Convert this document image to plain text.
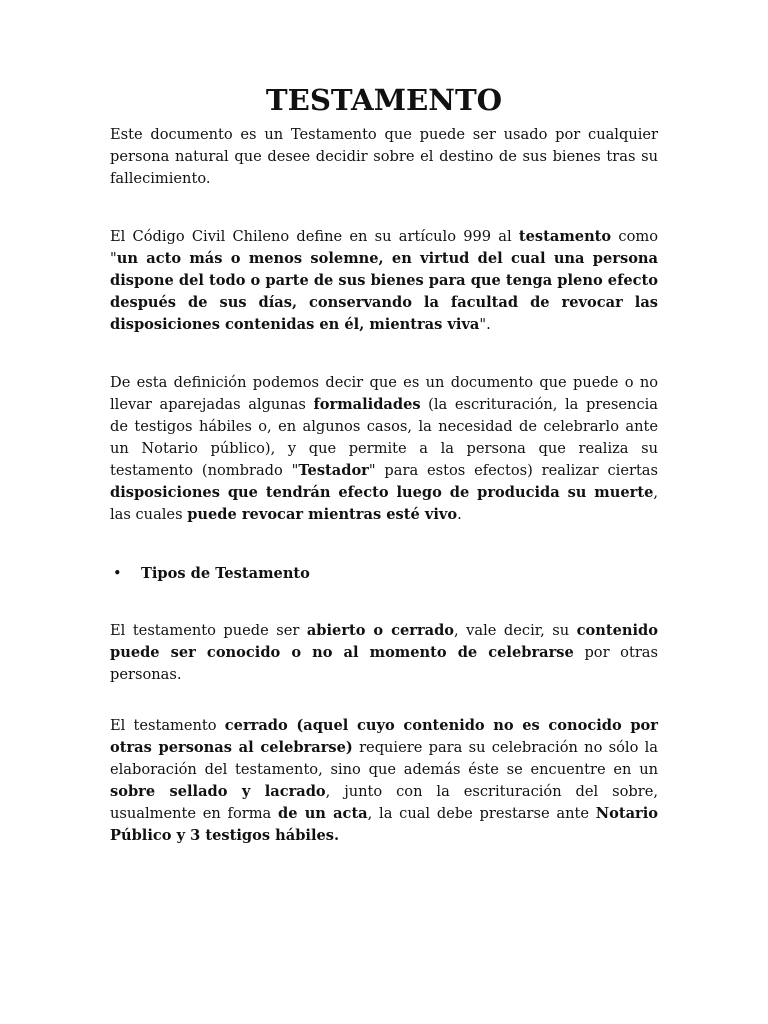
TESTAMENTO

Este documento es un Testamento que puede ser usado por cualquier persona natural que desee decidir sobre el destino de sus bienes tras su fallecimiento.

El Código Civil Chileno define en su artículo 999 al testamento como "un acto más o menos solemne, en virtud del cual una persona dispone del todo o parte de sus bienes para que tenga pleno efecto después de sus días, conservando la facultad de revocar las disposiciones contenidas en él, mientras viva".

De esta definición podemos decir que es un documento que puede o no llevar aparejadas algunas formalidades (la escrituración, la presencia de testigos hábiles o, en algunos casos, la necesidad de celebrarlo ante un Notario público), y que permite a la persona que realiza su testamento (nombrado "Testador" para estos efectos) realizar ciertas disposiciones que tendrán efecto luego de producida su muerte, las cuales puede revocar mientras esté vivo.

• Tipos de Testamento

El testamento puede ser abierto o cerrado, vale decir, su contenido puede ser conocido o no al momento de celebrarse por otras personas.

El testamento cerrado (aquel cuyo contenido no es conocido por otras personas al celebrarse) requiere para su celebración no sólo la elaboración del testamento, sino que además éste se encuentre en un sobre sellado y lacrado, junto con la escrituración del sobre, usualmente en forma de un acta, la cual debe prestarse ante Notario Público y 3 testigos hábiles.
